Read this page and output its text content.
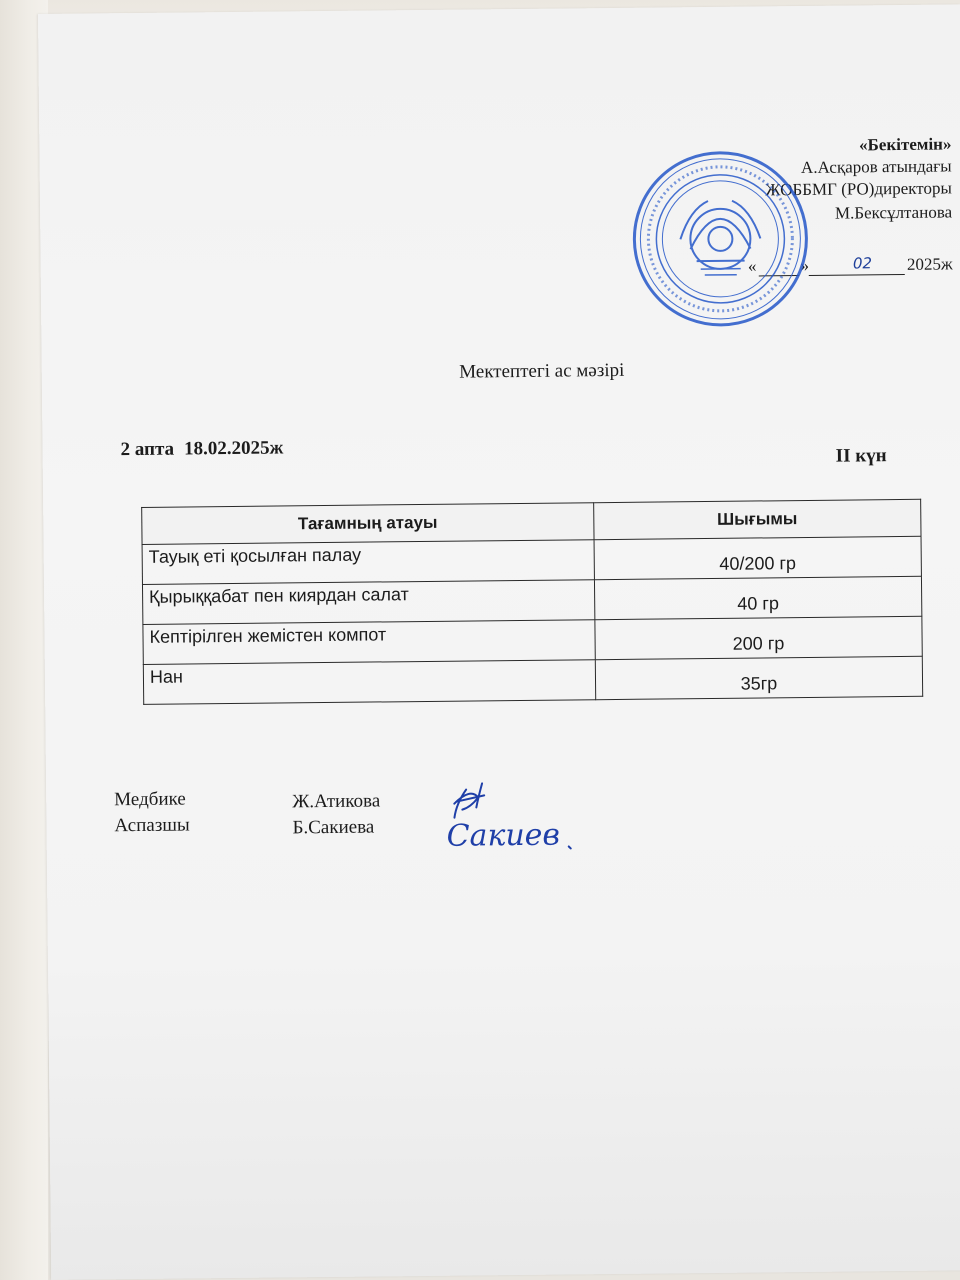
«Бекітемін»
А.Асқаров атындағы
ЖОББМГ (РО)директоры
М.Бексұлтанова
«	»	02 2025ж
Мектептегі ас мәзірі
2 апта 18.02.2025ж	ІІ күн
Тағамның атауы	Шығымы
Тауық еті қосылған палау	40/200 гр
Қырыққабат пен киярдан салат	40 гр
Кептірілген жемістен компот	200 гр
Нан	35гр
Медбике	Ж.Атикова
Аспазшы	Б.Сакиева Сакиев
